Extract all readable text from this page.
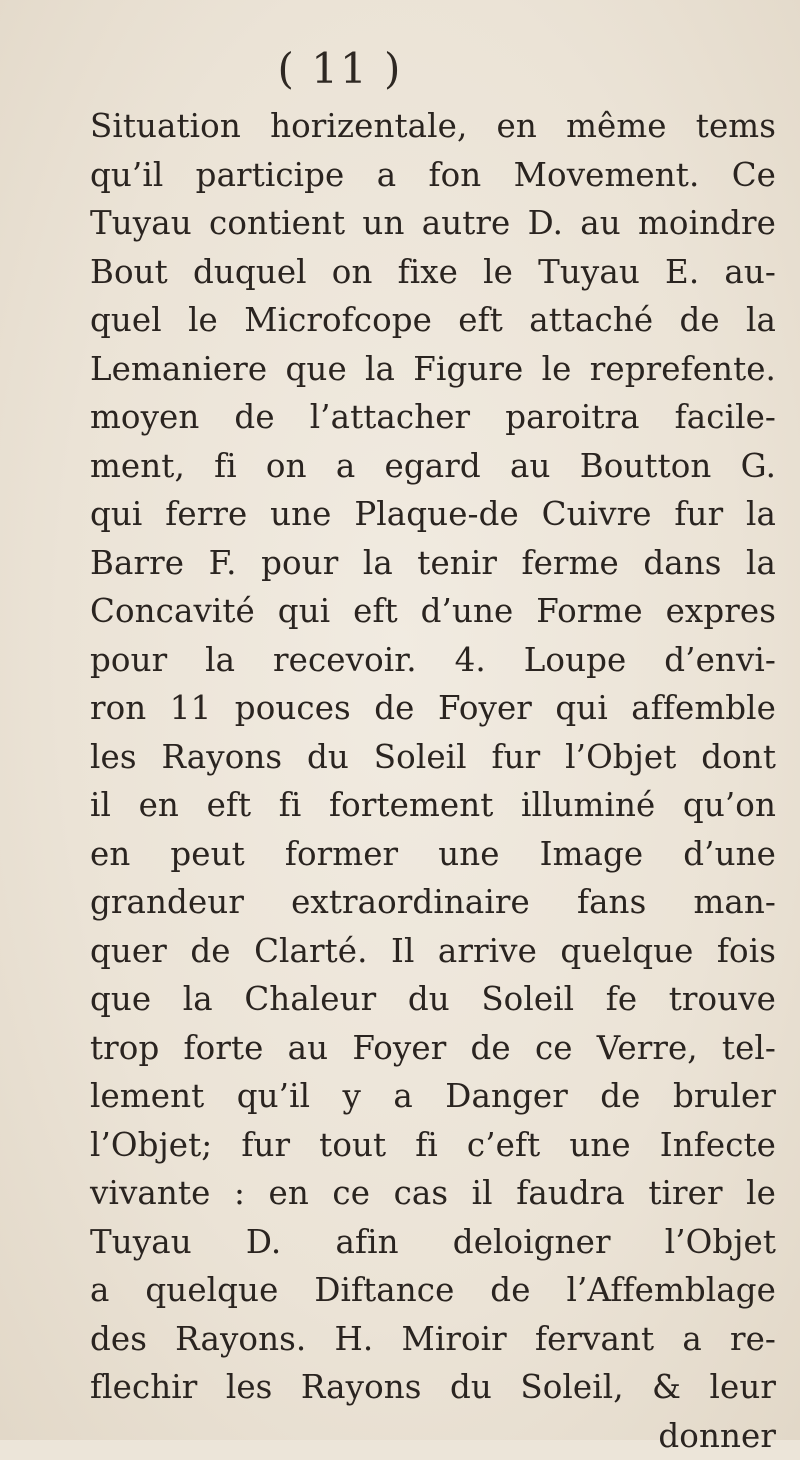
( 11 )
Situation horizentale, en même tems
qu’il participe a fon Movement. Ce
Tuyau contient un autre D. au moindre
Bout duquel on fixe le Tuyau E. au-
quel le Microfcope eft attaché de la
Lemaniere que la Figure le reprefente.
moyen de l’attacher paroitra facile-
ment, fi on a egard au Boutton G.
qui ferre une Plaque-de Cuivre fur la
Barre F. pour la tenir ferme dans la
Concavité qui eft d’une Forme expres
pour la recevoir. 4. Loupe d’envi-
ron 11 pouces de Foyer qui affemble
les Rayons du Soleil fur l’Objet dont
il en eft fi fortement illuminé qu’on
en peut former une Image d’une
grandeur extraordinaire fans man-
quer de Clarté. Il arrive quelque fois
que la Chaleur du Soleil fe trouve
trop forte au Foyer de ce Verre, tel-
lement qu’il y a Danger de bruler
l’Objet; fur tout fi c’eft une Infecte
vivante : en ce cas il faudra tirer le
Tuyau D. afin deloigner l’Objet
a quelque Diftance de l’Affemblage
des Rayons. H. Miroir fervant a re-
flechir les Rayons du Soleil, & leur
donner
